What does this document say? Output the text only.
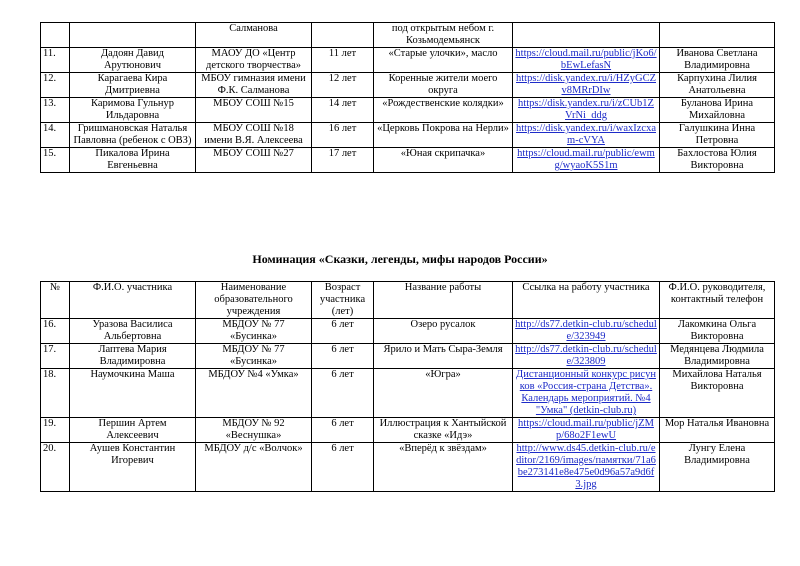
		Салманова		под открытым небом г. Козьмодемьянск		
11.	Дадоян Давид Арутюнович	МАОУ ДО «Центр детского творчества»	11 лет	«Старые улочки», масло	https://cloud.mail.ru/public/jKo6/bEwLefasN	Иванова Светлана Владимировна
12.	Карагаева Кира Дмитриевна	МБОУ гимназия имени Ф.К. Салманова	12 лет	Коренные жители моего округа	https://disk.yandex.ru/i/HZyGCZv8MRrDIw	Карпухина Лилия Анатольевна
13.	Каримова Гульнур Ильдаровна	МБОУ СОШ №15	14 лет	«Рождественские колядки»	https://disk.yandex.ru/i/zCUb1ZVrNi_ddg	Буланова Ирина Михайловна
14.	Гришмановская Наталья Павловна (ребенок с ОВЗ)	МБОУ СОШ №18 имени В.Я. Алексеева	16 лет	«Церковь Покрова на Нерли»	https://disk.yandex.ru/i/waxIzcxam-cVYA	Галушкина Инна Петровна
15.	Пикалова Ирина Евгеньевна	МБОУ СОШ №27	17 лет	«Юная скрипачка»	https://cloud.mail.ru/public/ewmg/wyaoK5S1m	Бахлостова Юлия Викторовна
Номинация «Сказки, легенды, мифы народов России»
№	Ф.И.О. участника	Наименование образовательного учреждения	Возраст участника (лет)	Название работы	Ссылка на работу участника	Ф.И.О. руководителя, контактный телефон
16.	Уразова Василиса Альбертовна	МБДОУ № 77 «Бусинка»	6 лет	Озеро русалок	http://ds77.detkin-club.ru/schedule/323949	Лакомкина Ольга Викторовна
17.	Лаптева Мария Владимировна	МБДОУ № 77 «Бусинка»	6 лет	Ярило и Мать Сыра-Земля	http://ds77.detkin-club.ru/schedule/323809	Медянцева Людмила Владимировна
18.	Наумочкина Маша	МБДОУ №4 «Умка»	6 лет	«Югра»	Дистанционный конкурс рисунков «Россия-страна Детства». Календарь мероприятий. №4 "Умка" (detkin-club.ru)	Михайлова Наталья Викторовна
19.	Першин Артем Алексеевич	МБДОУ № 92 «Веснушка»	6 лет	Иллюстрация к Хантыйской сказке «Идэ»	https://cloud.mail.ru/public/jZMp/68o2F1ewU	Мор Наталья Ивановна
20.	Аушев Константин Игоревич	МБДОУ д/с «Волчок»	6 лет	«Вперёд к звёздам»	http://www.ds45.detkin-club.ru/editor/2169/images/памятки/71a6be273141e8e475e0d96a57a9d6f3.jpg	Лунгу Елена Владимировна
